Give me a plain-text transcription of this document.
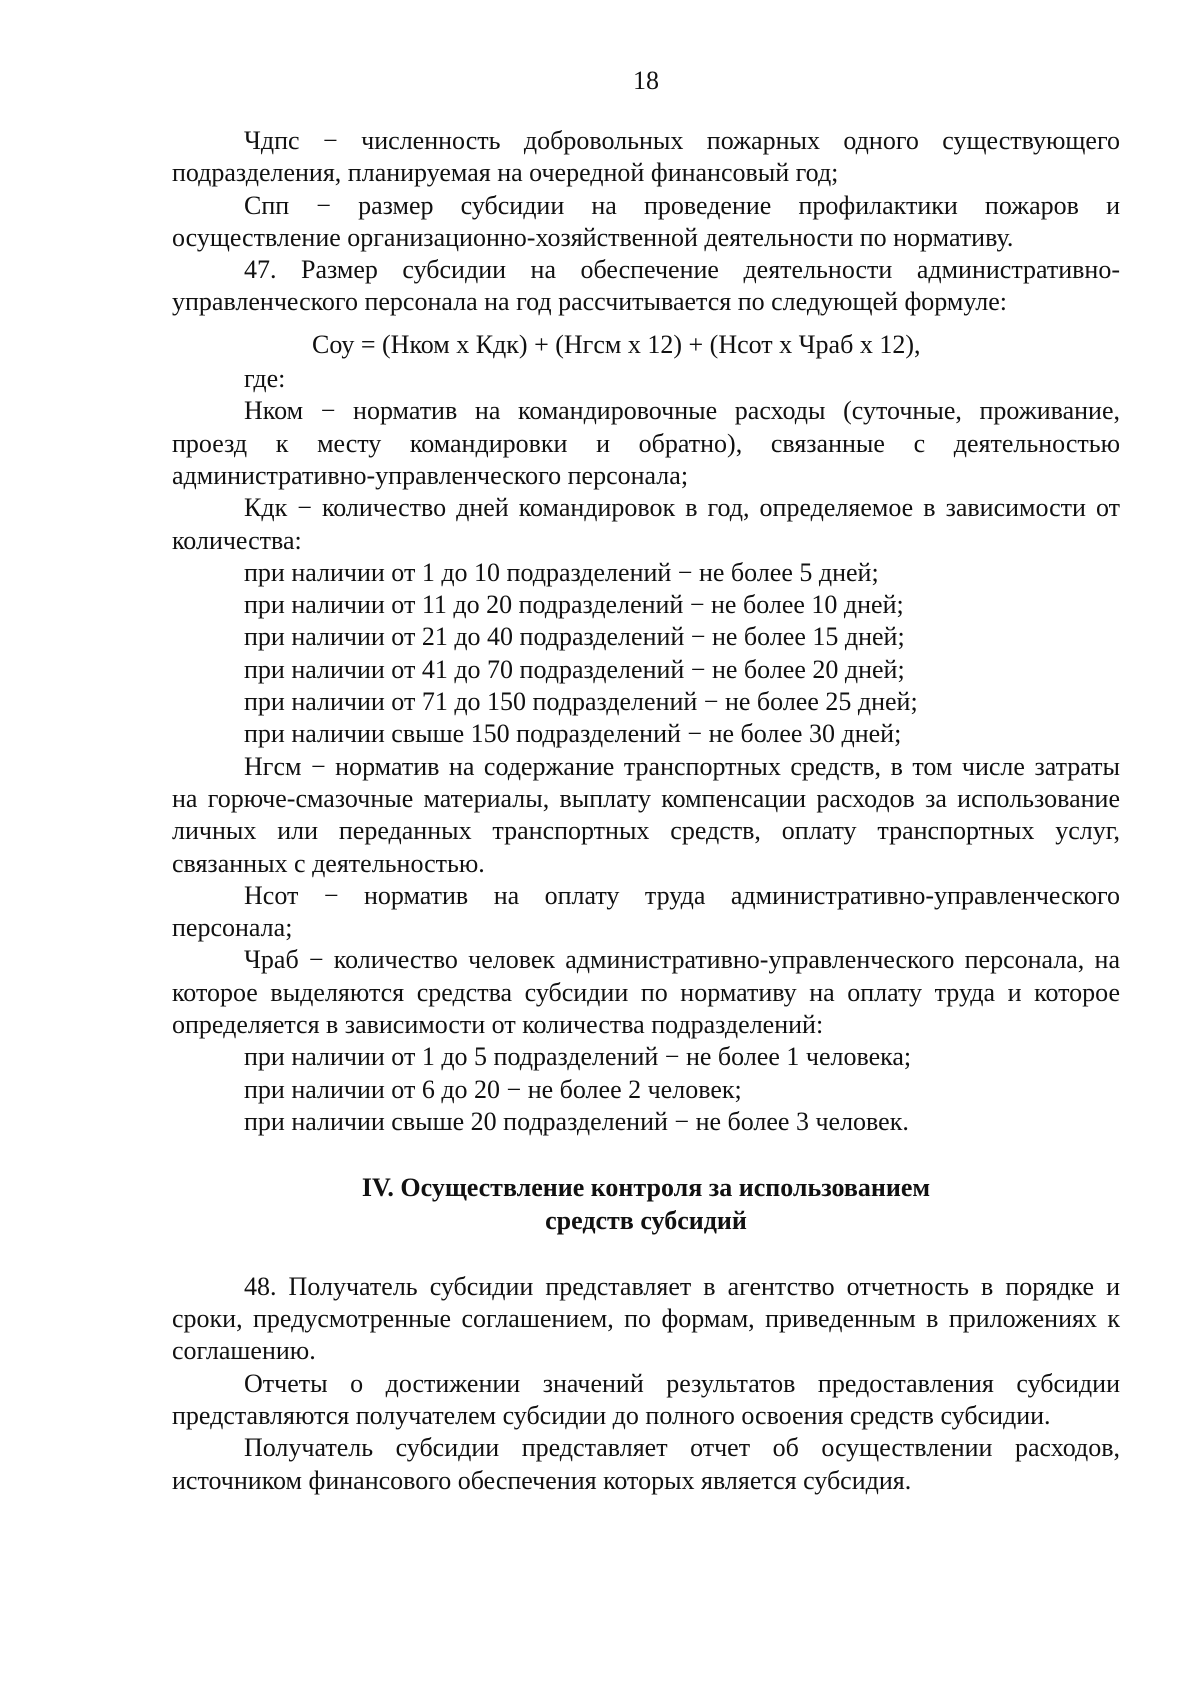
18

Чдпс − численность добровольных пожарных одного существующего подразделения, планируемая на очередной финансовый год;

Спп − размер субсидии на проведение профилактики пожаров и осуществление организационно-хозяйственной деятельности по нормативу.

47. Размер субсидии на обеспечение деятельности административно-управленческого персонала на год рассчитывается по следующей формуле:

Соу = (Нком х Кдк) + (Нгсм х 12) + (Нсот х Чраб х 12),

где:

Нком − норматив на командировочные расходы (суточные, проживание, проезд к месту командировки и обратно), связанные с деятельностью административно-управленческого персонала;

Кдк − количество дней командировок в год, определяемое в зависимости от количества:

при наличии от 1 до 10 подразделений − не более 5 дней;

при наличии от 11 до 20 подразделений − не более 10 дней;

при наличии от 21 до 40 подразделений − не более 15 дней;

при наличии от 41 до 70 подразделений − не более 20 дней;

при наличии от 71 до 150 подразделений − не более 25 дней;

при наличии свыше 150 подразделений − не более 30 дней;

Нгсм − норматив на содержание транспортных средств, в том числе затраты на горюче-смазочные материалы, выплату компенсации расходов за использование личных или переданных транспортных средств, оплату транспортных услуг, связанных с деятельностью.

Нсот − норматив на оплату труда административно-управленческого персонала;

Чраб − количество человек административно-управленческого персонала, на которое выделяются средства субсидии по нормативу на оплату труда и которое определяется в зависимости от количества подразделений:

при наличии от 1 до 5 подразделений − не более 1 человека;

при наличии от 6 до 20 − не более 2 человек;

при наличии свыше 20 подразделений − не более 3 человек.

IV. Осуществление контроля за использованием
средств субсидий

48. Получатель субсидии представляет в агентство отчетность в порядке и сроки, предусмотренные соглашением, по формам, приведенным в приложениях к соглашению.

Отчеты о достижении значений результатов предоставления субсидии представляются получателем субсидии до полного освоения средств субсидии.

Получатель субсидии представляет отчет об осуществлении расходов, источником финансового обеспечения которых является субсидия.
